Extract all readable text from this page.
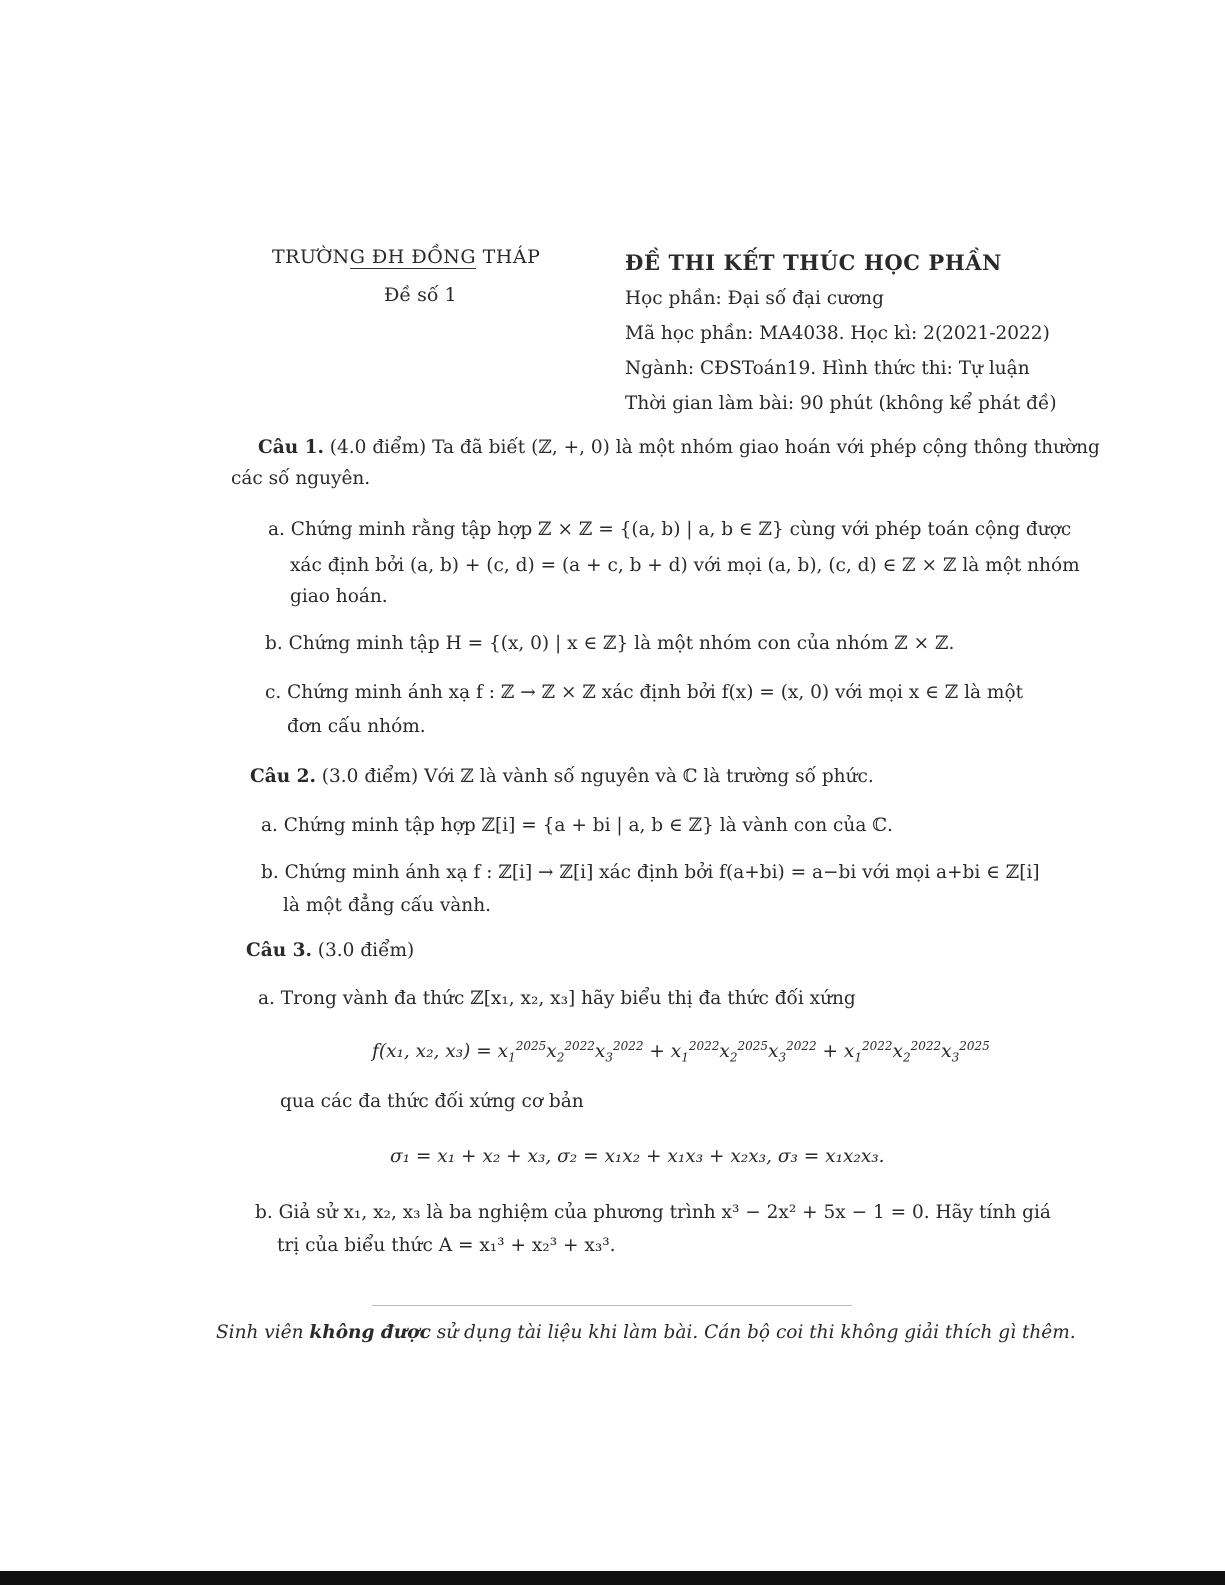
TRƯỜNG ĐH ĐỒNG THÁP
Đề số 1
ĐỀ THI KẾT THÚC HỌC PHẦN
Học phần: Đại số đại cương
Mã học phần: MA4038. Học kì: 2(2021-2022)
Ngành: CĐSToán19. Hình thức thi: Tự luận
Thời gian làm bài: 90 phút (không kể phát đề)
Câu 1. (4.0 điểm) Ta đã biết (ℤ, +, 0) là một nhóm giao hoán với phép cộng thông thường
các số nguyên.
a. Chứng minh rằng tập hợp ℤ × ℤ = {(a, b) | a, b ∈ ℤ} cùng với phép toán cộng được
xác định bởi (a, b) + (c, d) = (a + c, b + d) với mọi (a, b), (c, d) ∈ ℤ × ℤ là một nhóm
giao hoán.
b. Chứng minh tập H = {(x, 0) | x ∈ ℤ} là một nhóm con của nhóm ℤ × ℤ.
c. Chứng minh ánh xạ f : ℤ → ℤ × ℤ xác định bởi f(x) = (x, 0) với mọi x ∈ ℤ là một
đơn cấu nhóm.
Câu 2. (3.0 điểm) Với ℤ là vành số nguyên và ℂ là trường số phức.
a. Chứng minh tập hợp ℤ[i] = {a + bi | a, b ∈ ℤ} là vành con của ℂ.
b. Chứng minh ánh xạ f : ℤ[i] → ℤ[i] xác định bởi f(a+bi) = a−bi với mọi a+bi ∈ ℤ[i]
là một đẳng cấu vành.
Câu 3. (3.0 điểm)
a. Trong vành đa thức ℤ[x₁, x₂, x₃] hãy biểu thị đa thức đối xứng
f(x₁, x₂, $x_3) = x_1^{2025}x_2^{2022}x_3^{2022} + x_1^{2022}x_2^{2025}x_3^{2022} + x_1^{2022}x_2^{2022}x_3^{2025}$
qua các đa thức đối xứng cơ bản
σ₁ = x₁ + x₂ + x₃, σ₂ = x₁x₂ + x₁x₃ + x₂x₃, σ₃ = x₁x₂x₃.
b. Giả sử x₁, x₂, x₃ là ba nghiệm của phương trình x³ − 2x² + 5x − 1 = 0. Hãy tính giá
trị của biểu thức A = x₁³ + x₂³ + x₃³.
Sinh viên không được sử dụng tài liệu khi làm bài. Cán bộ coi thi không giải thích gì thêm.
